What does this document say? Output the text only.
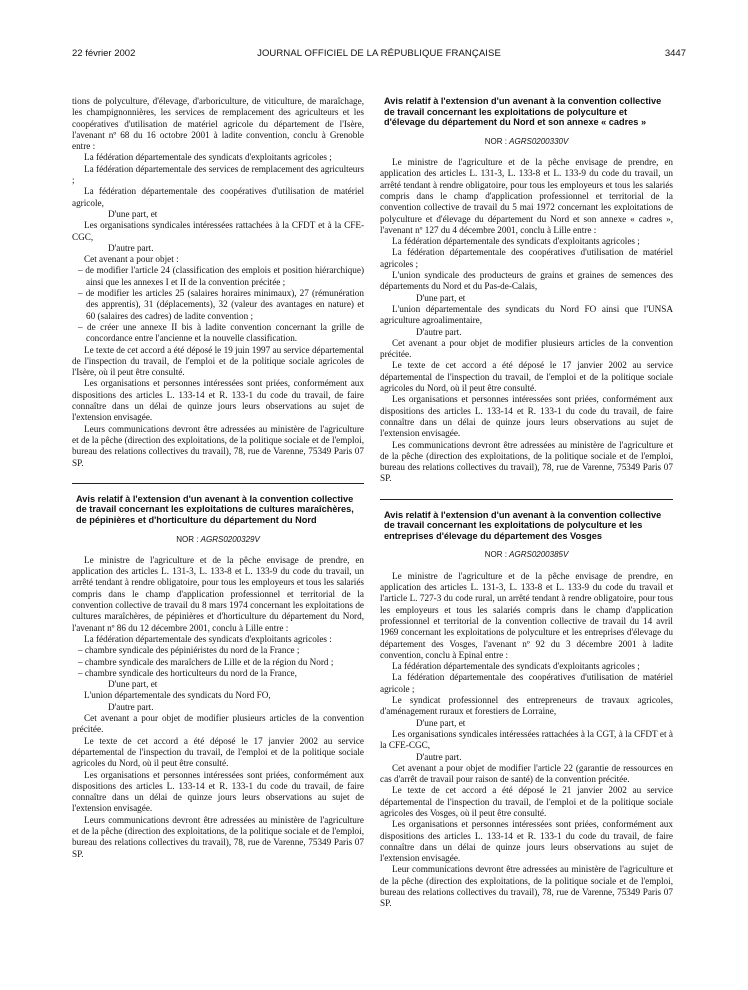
22 février 2002	JOURNAL OFFICIEL DE LA RÉPUBLIQUE FRANÇAISE	3447

tions de polyculture, d'élevage, d'arboriculture, de viticulture, de maraîchage, les champignonnières, les services de remplacement des agriculteurs et les coopératives d'utilisation de matériel agricole du département de l'Isère, l'avenant nº 68 du 16 octobre 2001 à ladite convention, conclu à Grenoble entre :

La fédération départementale des syndicats d'exploitants agricoles ;

La fédération départementale des services de remplacement des agriculteurs ;

La fédération départementale des coopératives d'utilisation de matériel agricole,

D'une part, et

Les organisations syndicales intéressées rattachées à la CFDT et à la CFE-CGC,

D'autre part.

Cet avenant a pour objet :

– de modifier l'article 24 (classification des emplois et position hiérarchique) ainsi que les annexes I et II de la convention précitée ;

– de modifier les articles 25 (salaires horaires minimaux), 27 (rémunération des apprentis), 31 (déplacements), 32 (valeur des avantages en nature) et 60 (salaires des cadres) de ladite convention ;

– de créer une annexe II bis à ladite convention concernant la grille de concordance entre l'ancienne et la nouvelle classification.

Le texte de cet accord a été déposé le 19 juin 1997 au service départemental de l'inspection du travail, de l'emploi et de la politique sociale agricoles de l'Isère, où il peut être consulté.

Les organisations et personnes intéressées sont priées, conformément aux dispositions des articles L. 133-14 et R. 133-1 du code du travail, de faire connaître dans un délai de quinze jours leurs observations au sujet de l'extension envisagée.

Leurs communications devront être adressées au ministère de l'agriculture et de la pêche (direction des exploitations, de la politique sociale et de l'emploi, bureau des relations collectives du travail), 78, rue de Varenne, 75349 Paris 07 SP.

Avis relatif à l'extension d'un avenant à la convention collective de travail concernant les exploitations de cultures maraîchères, de pépinières et d'horticulture du département du Nord

NOR : AGRS0200329V

Le ministre de l'agriculture et de la pêche envisage de prendre, en application des articles L. 131-3, L. 133-8 et L. 133-9 du code du travail, un arrêté tendant à rendre obligatoire, pour tous les employeurs et tous les salariés compris dans le champ d'application professionnel et territorial de la convention collective de travail du 8 mars 1974 concernant les exploitations de cultures maraîchères, de pépinières et d'horticulture du département du Nord, l'avenant nº 86 du 12 décembre 2001, conclu à Lille entre :

La fédération départementale des syndicats d'exploitants agricoles :

– chambre syndicale des pépiniéristes du nord de la France ;

– chambre syndicale des maraîchers de Lille et de la région du Nord ;

– chambre syndicale des horticulteurs du nord de la France,

D'une part, et

L'union départementale des syndicats du Nord FO,

D'autre part.

Cet avenant a pour objet de modifier plusieurs articles de la convention précitée.

Le texte de cet accord a été déposé le 17 janvier 2002 au service départemental de l'inspection du travail, de l'emploi et de la politique sociale agricoles du Nord, où il peut être consulté.

Les organisations et personnes intéressées sont priées, conformément aux dispositions des articles L. 133-14 et R. 133-1 du code du travail, de faire connaître dans un délai de quinze jours leurs observations au sujet de l'extension envisagée.

Leurs communications devront être adressées au ministère de l'agriculture et de la pêche (direction des exploitations, de la politique sociale et de l'emploi, bureau des relations collectives du travail), 78, rue de Varenne, 75349 Paris 07 SP.

Avis relatif à l'extension d'un avenant à la convention collective de travail concernant les exploitations de polyculture et d'élevage du département du Nord et son annexe « cadres »

NOR : AGRS0200330V

Le ministre de l'agriculture et de la pêche envisage de prendre, en application des articles L. 131-3, L. 133-8 et L. 133-9 du code du travail, un arrêté tendant à rendre obligatoire, pour tous les employeurs et tous les salariés compris dans le champ d'application professionnel et territorial de la convention collective de travail du 5 mai 1972 concernant les exploitations de polyculture et d'élevage du département du Nord et son annexe « cadres », l'avenant nº 127 du 4 décembre 2001, conclu à Lille entre :

La fédération départementale des syndicats d'exploitants agricoles ;

La fédération départementale des coopératives d'utilisation de matériel agricoles ;

L'union syndicale des producteurs de grains et graines de semences des départements du Nord et du Pas-de-Calais,

D'une part, et

L'union départementale des syndicats du Nord FO ainsi que l'UNSA agriculture agroalimentaire,

D'autre part.

Cet avenant a pour objet de modifier plusieurs articles de la convention précitée.

Le texte de cet accord a été déposé le 17 janvier 2002 au service départemental de l'inspection du travail, de l'emploi et de la politique sociale agricoles du Nord, où il peut être consulté.

Les organisations et personnes intéressées sont priées, conformément aux dispositions des articles L. 133-14 et R. 133-1 du code du travail, de faire connaître dans un délai de quinze jours leurs observations au sujet de l'extension envisagée.

Les communications devront être adressées au ministère de l'agriculture et de la pêche (direction des exploitations, de la politique sociale et de l'emploi, bureau des relations collectives du travail), 78, rue de Varenne, 75349 Paris 07 SP.

Avis relatif à l'extension d'un avenant à la convention collective de travail concernant les exploitations de polyculture et les entreprises d'élevage du département des Vosges

NOR : AGRS0200385V

Le ministre de l'agriculture et de la pêche envisage de prendre, en application des articles L. 131-3, L. 133-8 et L. 133-9 du code du travail et l'article L. 727-3 du code rural, un arrêté tendant à rendre obligatoire, pour tous les employeurs et tous les salariés compris dans le champ d'application professionnel et territorial de la convention collective de travail du 14 avril 1969 concernant les exploitations de polyculture et les entreprises d'élevage du département des Vosges, l'avenant nº 92 du 3 décembre 2001 à ladite convention, conclu à Epinal entre :

La fédération départementale des syndicats d'exploitants agricoles ;

La fédération départementale des coopératives d'utilisation de matériel agricole ;

Le syndicat professionnel des entrepreneurs de travaux agricoles, d'aménagement ruraux et forestiers de Lorraine,

D'une part, et

Les organisations syndicales intéressées rattachées à la CGT, à la CFDT et à la CFE-CGC,

D'autre part.

Cet avenant a pour objet de modifier l'article 22 (garantie de ressources en cas d'arrêt de travail pour raison de santé) de la convention précitée.

Le texte de cet accord a été déposé le 21 janvier 2002 au service départemental de l'inspection du travail, de l'emploi et de la politique sociale agricoles des Vosges, où il peut être consulté.

Les organisations et personnes intéressées sont priées, conformément aux dispositions des articles L. 133-14 et R. 133-1 du code du travail, de faire connaître dans un délai de quinze jours leurs observations au sujet de l'extension envisagée.

Leur communications devront être adressées au ministère de l'agriculture et de la pêche (direction des exploitations, de la politique sociale et de l'emploi, bureau des relations collectives du travail), 78, rue de Varenne, 75349 Paris 07 SP.
